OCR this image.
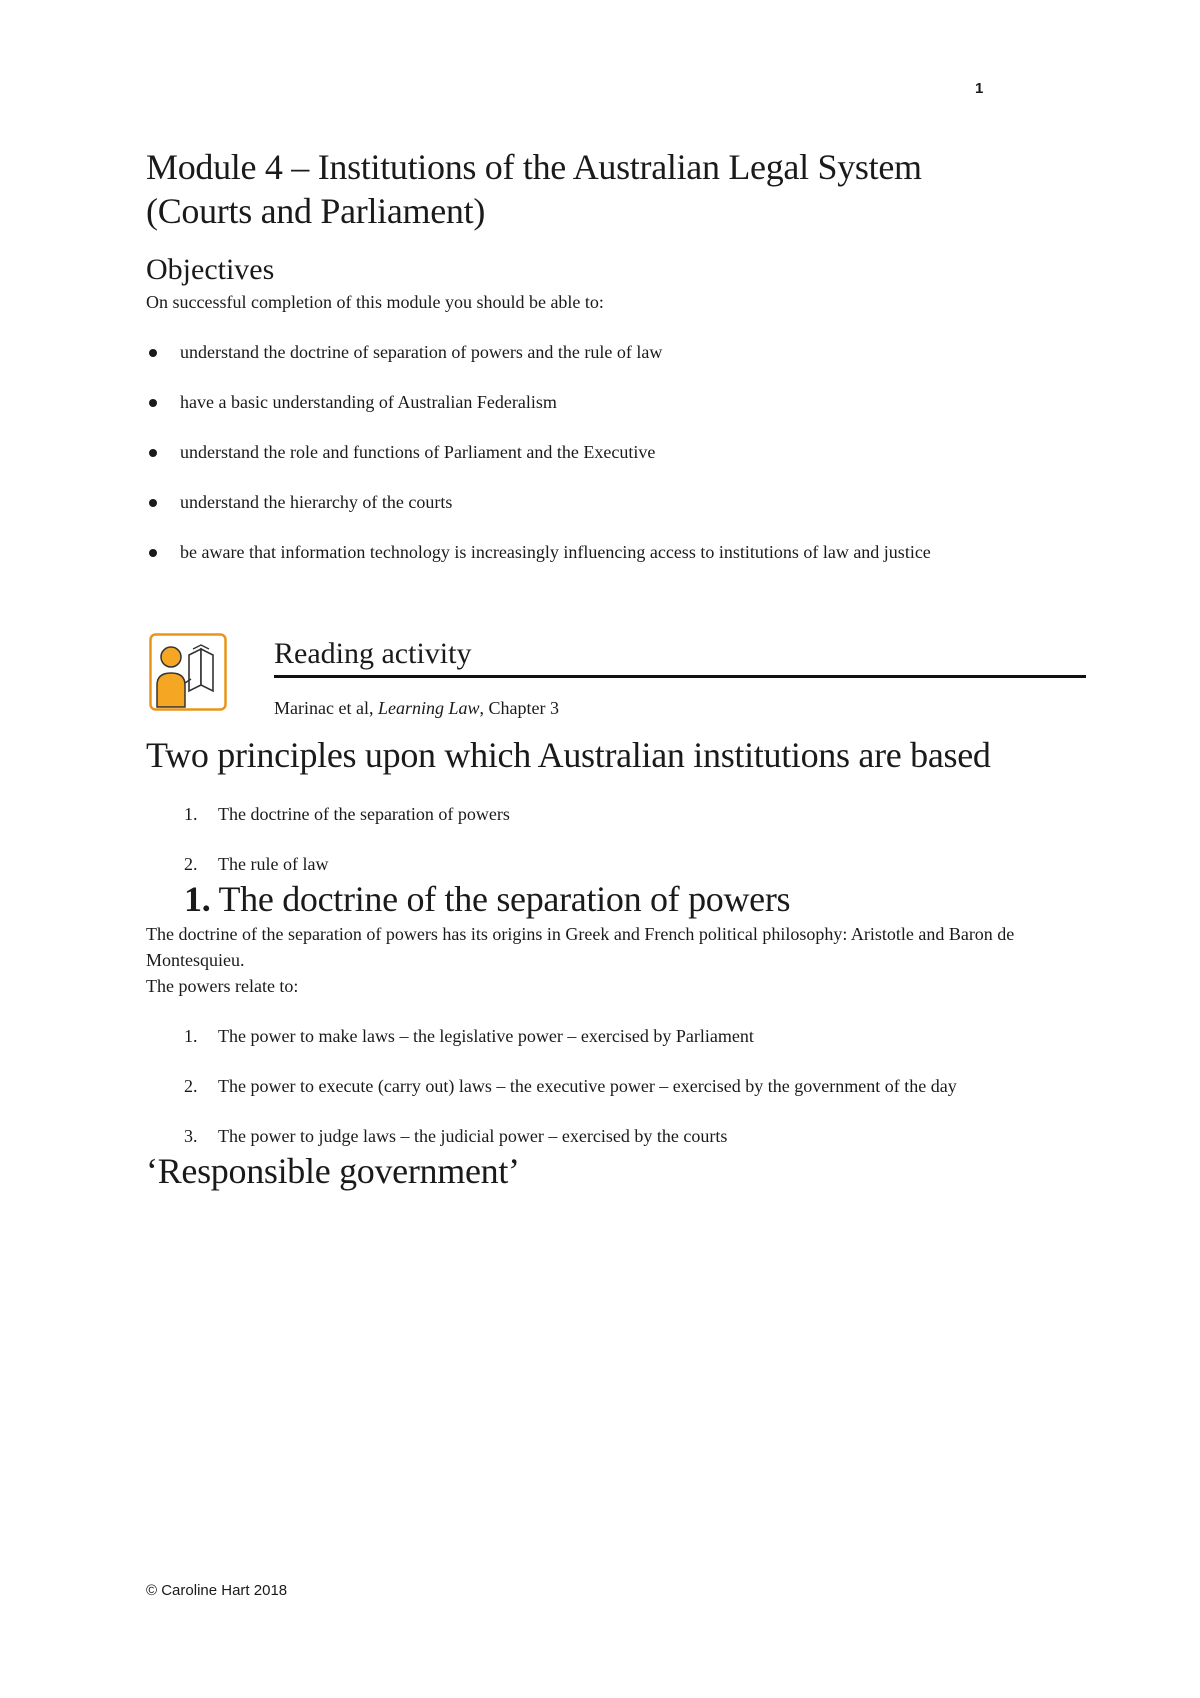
1
Module 4 – Institutions of the Australian Legal System
(Courts and Parliament)
Objectives

On successful completion of this module you should be able to:

understand the doctrine of separation of powers and the rule of law
have a basic understanding of Australian Federalism
understand the role and functions of Parliament and the Executive
understand the hierarchy of the courts
be aware that information technology is increasingly influencing access to institutions of law and justice
Reading activity
Marinac et al, Learning Law, Chapter 3
Two principles upon which Australian institutions are based
1. The doctrine of the separation of powers
2. The rule of law
1. The doctrine of the separation of powers

The doctrine of the separation of powers has its origins in Greek and French political philosophy: Aristotle and Baron de Montesquieu.

The powers relate to:

1. The power to make laws – the legislative power – exercised by Parliament
2. The power to execute (carry out) laws – the executive power – exercised by the government of the day
3. The power to judge laws – the judicial power – exercised by the courts
‘Responsible government’
© Caroline Hart 2018
